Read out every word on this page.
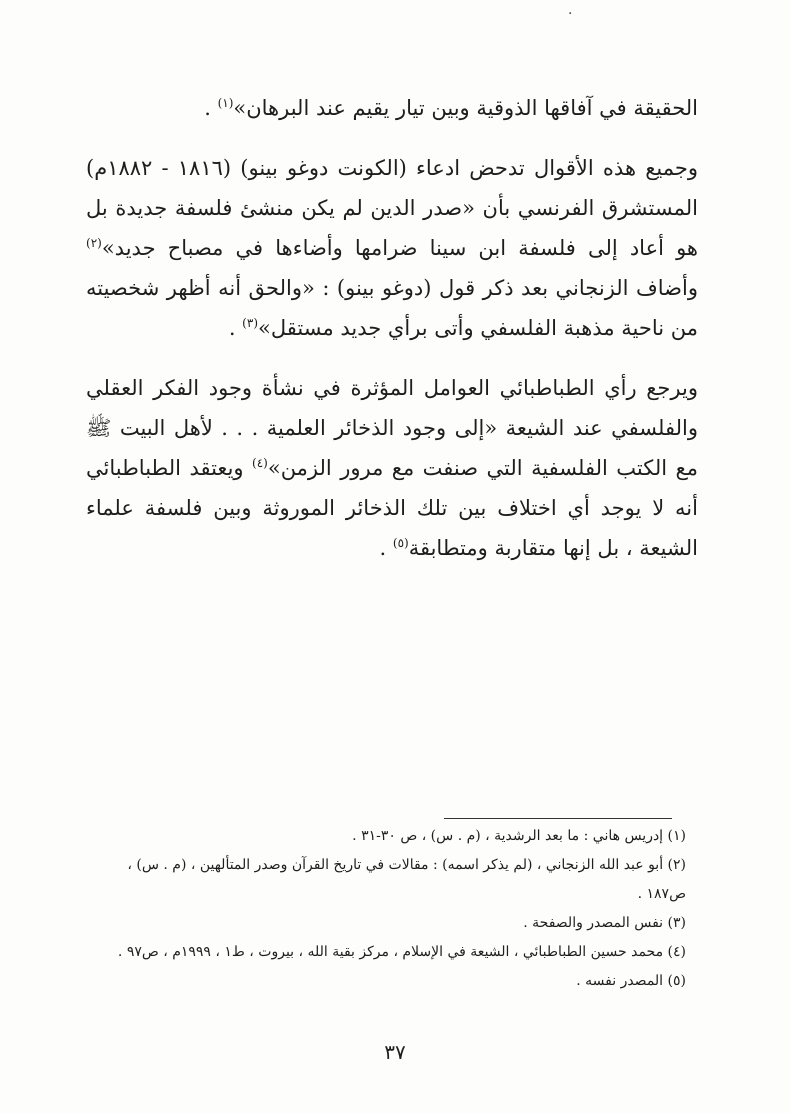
·

الحقيقة في آفاقها الذوقية وبين تيار يقيم عند البرهان»$^{(١)}$ .

وجميع هذه الأقوال تدحض ادعاء (الكونت دوغو بينو) (١٨١٦ - ١٨٨٢م) المستشرق الفرنسي بأن «صدر الدين لم يكن منشئ فلسفة جديدة بل هو أعاد إلى فلسفة ابن سينا ضرامها وأضاءها في مصباح جديد»$^{(٢)}$ وأضاف الزنجاني بعد ذكر قول (دوغو بينو) : «والحق أنه أظهر شخصيته من ناحية مذهبة الفلسفي وأتى برأي جديد مستقل»$^{(٣)}$ .

ويرجع رأي الطباطبائي العوامل المؤثرة في نشأة وجود الفكر العقلي والفلسفي عند الشيعة «إلى وجود الذخائر العلمية . . . لأهل البيت ﷺ مع الكتب الفلسفية التي صنفت مع مرور الزمن»$^{(٤)}$ ويعتقد الطباطبائي أنه لا يوجد أي اختلاف بين تلك الذخائر الموروثة وبين فلسفة علماء الشيعة ، بل إنها متقاربة ومتطابقة$^{(٥)}$ .

(١) إدريس هاني : ما بعد الرشدية ، (م . س) ، ص ٣٠-٣١ .

(٢) أبو عبد الله الزنجاني ، (لم يذكر اسمه) : مقالات في تاريخ القرآن وصدر المتألهين ، (م . س) ، ص١٨٧ .

(٣) نفس المصدر والصفحة .

(٤) محمد حسين الطباطبائي ، الشيعة في الإسلام ، مركز بقية الله ، بيروت ، ط١ ، ١٩٩٩م ، ص٩٧ .

(٥) المصدر نفسه .

٣٧
